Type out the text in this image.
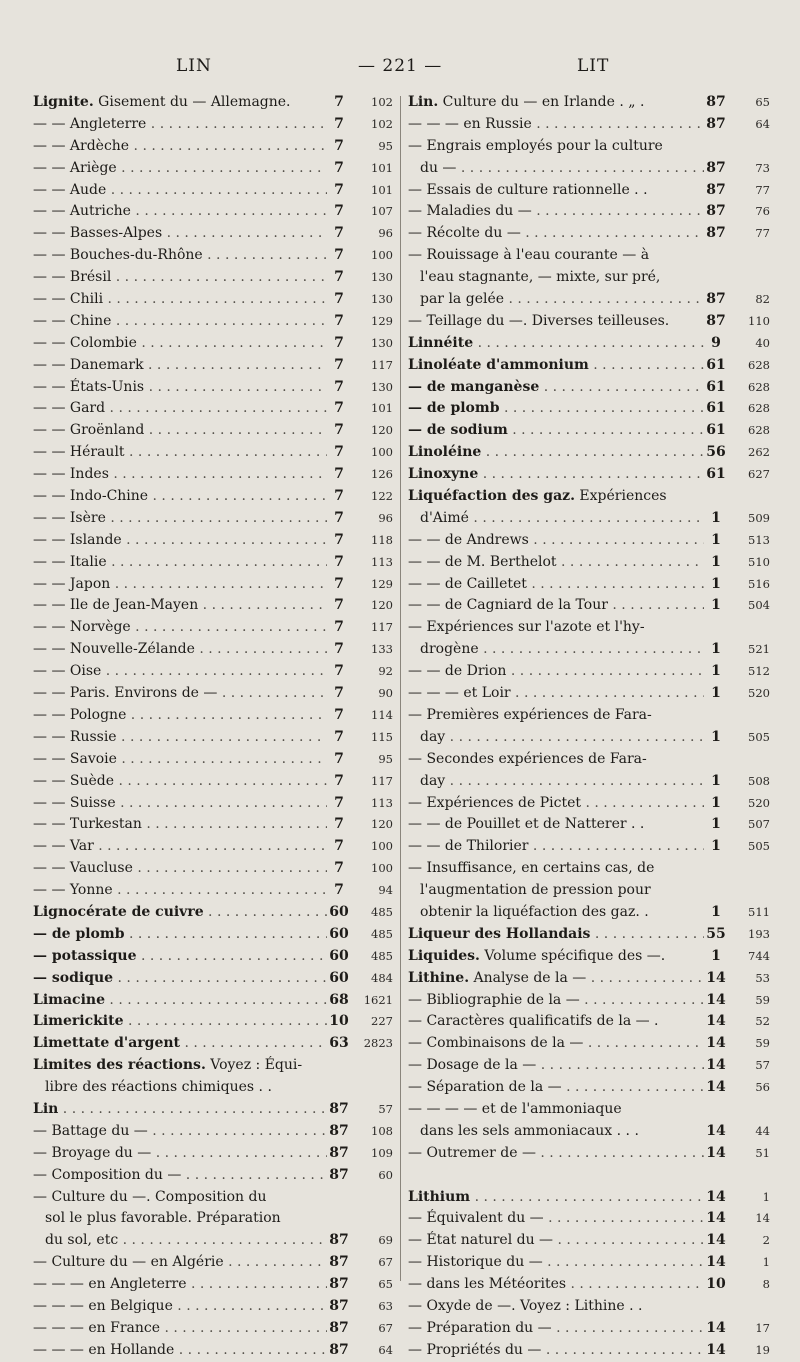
LIN	— 221 —	LIT
Lignite. Gisement du — Allemagne.	7	102
— — Angleterre . . .	7	102
— — Ardèche . . .	7	95
— — Ariège . . .	7	101
— — Aude . . .	7	101
— — Autriche . . .	7	107
— — Basses-Alpes . . .	7	96
— — Bouches-du-Rhône . . .	7	100
— — Brésil . . .	7	130
— — Chili . . .	7	130
— — Chine . . .	7	129
— — Colombie . . .	7	130
— — Danemark . . .	7	117
— — États-Unis . . .	7	130
— — Gard . . .	7	101
— — Groënland . . .	7	120
— — Hérault . . .	7	100
— — Indes . . .	7	126
— — Indo-Chine . . .	7	122
— — Isère . . .	7	96
— — Islande . . .	7	118
— — Italie . . .	7	113
— — Japon . . .	7	129
— — Ile de Jean-Mayen . . .	7	120
— — Norvège . . .	7	117
— — Nouvelle-Zélande . . .	7	133
— — Oise . . .	7	92
— — Paris. Environs de — . . .	7	90
— — Pologne . . .	7	114
— — Russie . . .	7	115
— — Savoie . . .	7	95
— — Suède . . .	7	117
— — Suisse . . .	7	113
— — Turkestan . . .	7	120
— — Var . . .	7	100
— — Vaucluse . . .	7	100
— — Yonne . . .	7	94
Lignocérate de cuivre . . .	60	485
— de plomb . . .	60	485
— potassique . . .	60	485
— sodique . . .	60	484
Limacine . . .	68	1621
Limerickite . . .	10	227
Limettate d'argent . . .	63	2823
Limites des réactions. Voyez : Équi-
libre des réactions chimiques . .
Lin . . .	87	57
— Battage du — . . .	87	108
— Broyage du — . . .	87	109
— Composition du — . . .	87	60
— Culture du —. Composition du
sol le plus favorable. Préparation
du sol, etc . . .	87	69
— Culture du — en Algérie . . .	87	67
— — — en Angleterre . . .	87	65
— — — en Belgique . . .	87	63
— — — en France . . .	87	67
— — — en Hollande . . .	87	64
Lin. Culture du — en Irlande . „ .	87	65
— — — en Russie . . .	87	64
— Engrais employés pour la culture
du — . . .	87	73
— Essais de culture rationnelle . .	87	77
— Maladies du — . . .	87	76
— Récolte du — . . .	87	77
— Rouissage à l'eau courante — à
l'eau stagnante, — mixte, sur pré,
par la gelée . . .	87	82
— Teillage du —. Diverses teilleuses.	87	110
Linnéite . . .	9	40
Linoléate d'ammonium . . .	61	628
— de manganèse . . .	61	628
— de plomb . . .	61	628
— de sodium . . .	61	628
Linoléine . . .	56	262
Linoxyne . . .	61	627
Liquéfaction des gaz. Expériences
d'Aimé . . .	1	509
— — de Andrews . . .	1	513
— — de M. Berthelot . . .	1	510
— — de Cailletet . . .	1	516
— — de Cagniard de la Tour . . .	1	504
— Expériences sur l'azote et l'hy-
drogène . . .	1	521
— — de Drion . . .	1	512
— — — et Loir . . .	1	520
— Premières expériences de Fara-
day . . .	1	505
— Secondes expériences de Fara-
day . . .	1	508
— Expériences de Pictet . . .	1	520
— — de Pouillet et de Natterer . .	1	507
— — de Thilorier . . .	1	505
— Insuffisance, en certains cas, de
l'augmentation de pression pour
obtenir la liquéfaction des gaz. .	1	511
Liqueur des Hollandais . . .	55	193
Liquides. Volume spécifique des —.	1	744
Lithine. Analyse de la — . . .	14	53
— Bibliographie de la — . . .	14	59
— Caractères qualificatifs de la — .	14	52
— Combinaisons de la — . . .	14	59
— Dosage de la — . . .	14	57
— Séparation de la — . . .	14	56
— — — — et de l'ammoniaque
dans les sels ammoniacaux . . .	14	44
— Outremer de — . . .	14	51
Lithium . . .	14	1
— Équivalent du — . . .	14	14
— État naturel du — . . .	14	2
— Historique du — . . .	14	1
— dans les Météorites . . .	10	8
— Oxyde de —. Voyez : Lithine . .
— Préparation du — . . .	14	17
— Propriétés du — . . .	14	19
